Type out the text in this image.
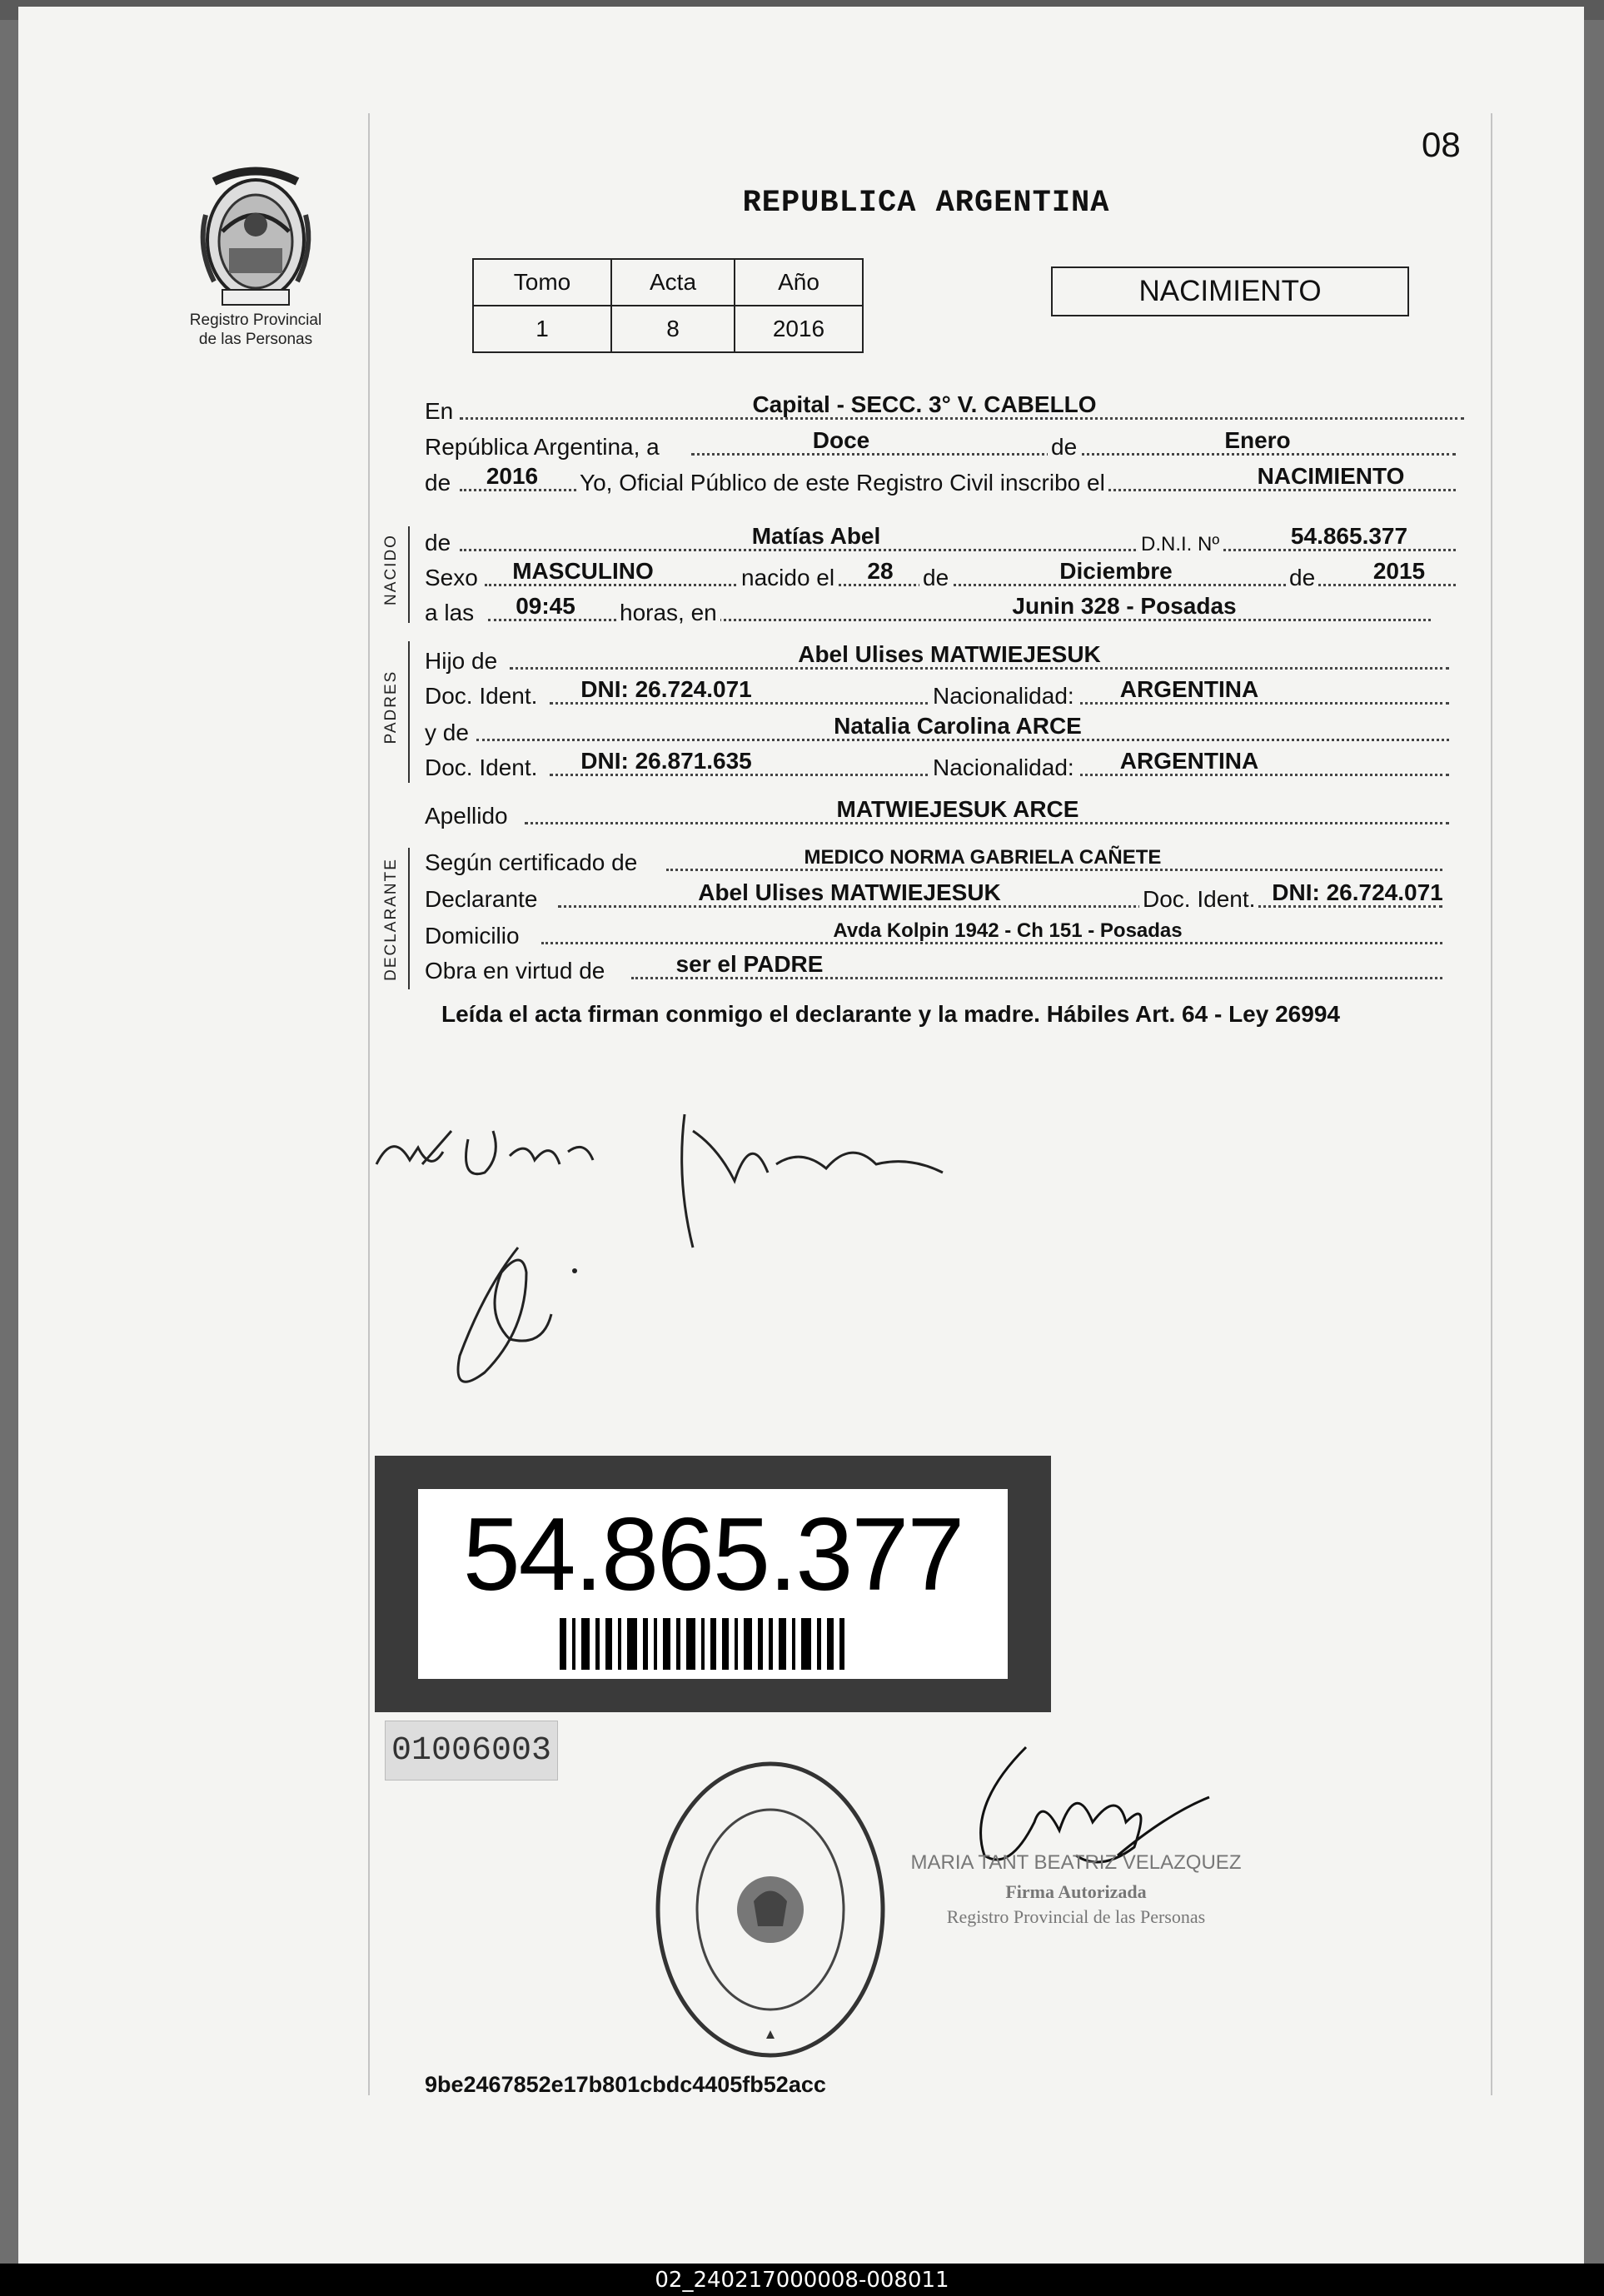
08
Registro Provincial
de las Personas
REPUBLICA ARGENTINA
Tomo	Acta	Año
1	8	2016
NACIMIENTO
En	Capital - SECC. 3° V. CABELLO
República Argentina, a	Doce	de	Enero
de	2016	Yo, Oficial Público de este Registro Civil inscribo el	NACIMIENTO
NACIDO de	Matías Abel	D.N.I. Nº	54.865.377
Sexo	MASCULINO	nacido el	28	de	Diciembre	de	2015
a las	09:45	horas, en	Junin 328 - Posadas
PADRES
Hijo de	Abel Ulises MATWIEJESUK
Doc. Ident.	DNI: 26.724.071	Nacionalidad:	ARGENTINA
y de	Natalia Carolina ARCE
Doc. Ident.	DNI: 26.871.635	Nacionalidad:	ARGENTINA
Apellido	MATWIEJESUK ARCE
DECLARANTE Según certificado de	MEDICO NORMA GABRIELA CAÑETE
Declarante	Abel Ulises MATWIEJESUK	Doc. Ident. DNI: 26.724.071
Domicilio	Avda Kolpin 1942 - Ch 151 - Posadas
Obra en virtud de	ser el PADRE
Leída el acta firman conmigo el declarante y la madre. Hábiles Art. 64 - Ley 26994
54.865.377
01006003
MARIA TANT BEATRIZ VELAZQUEZ
Firma Autorizada
Registro Provincial de las Personas
9be2467852e17b801cbdc4405fb52acc
02_240217000008-008011
